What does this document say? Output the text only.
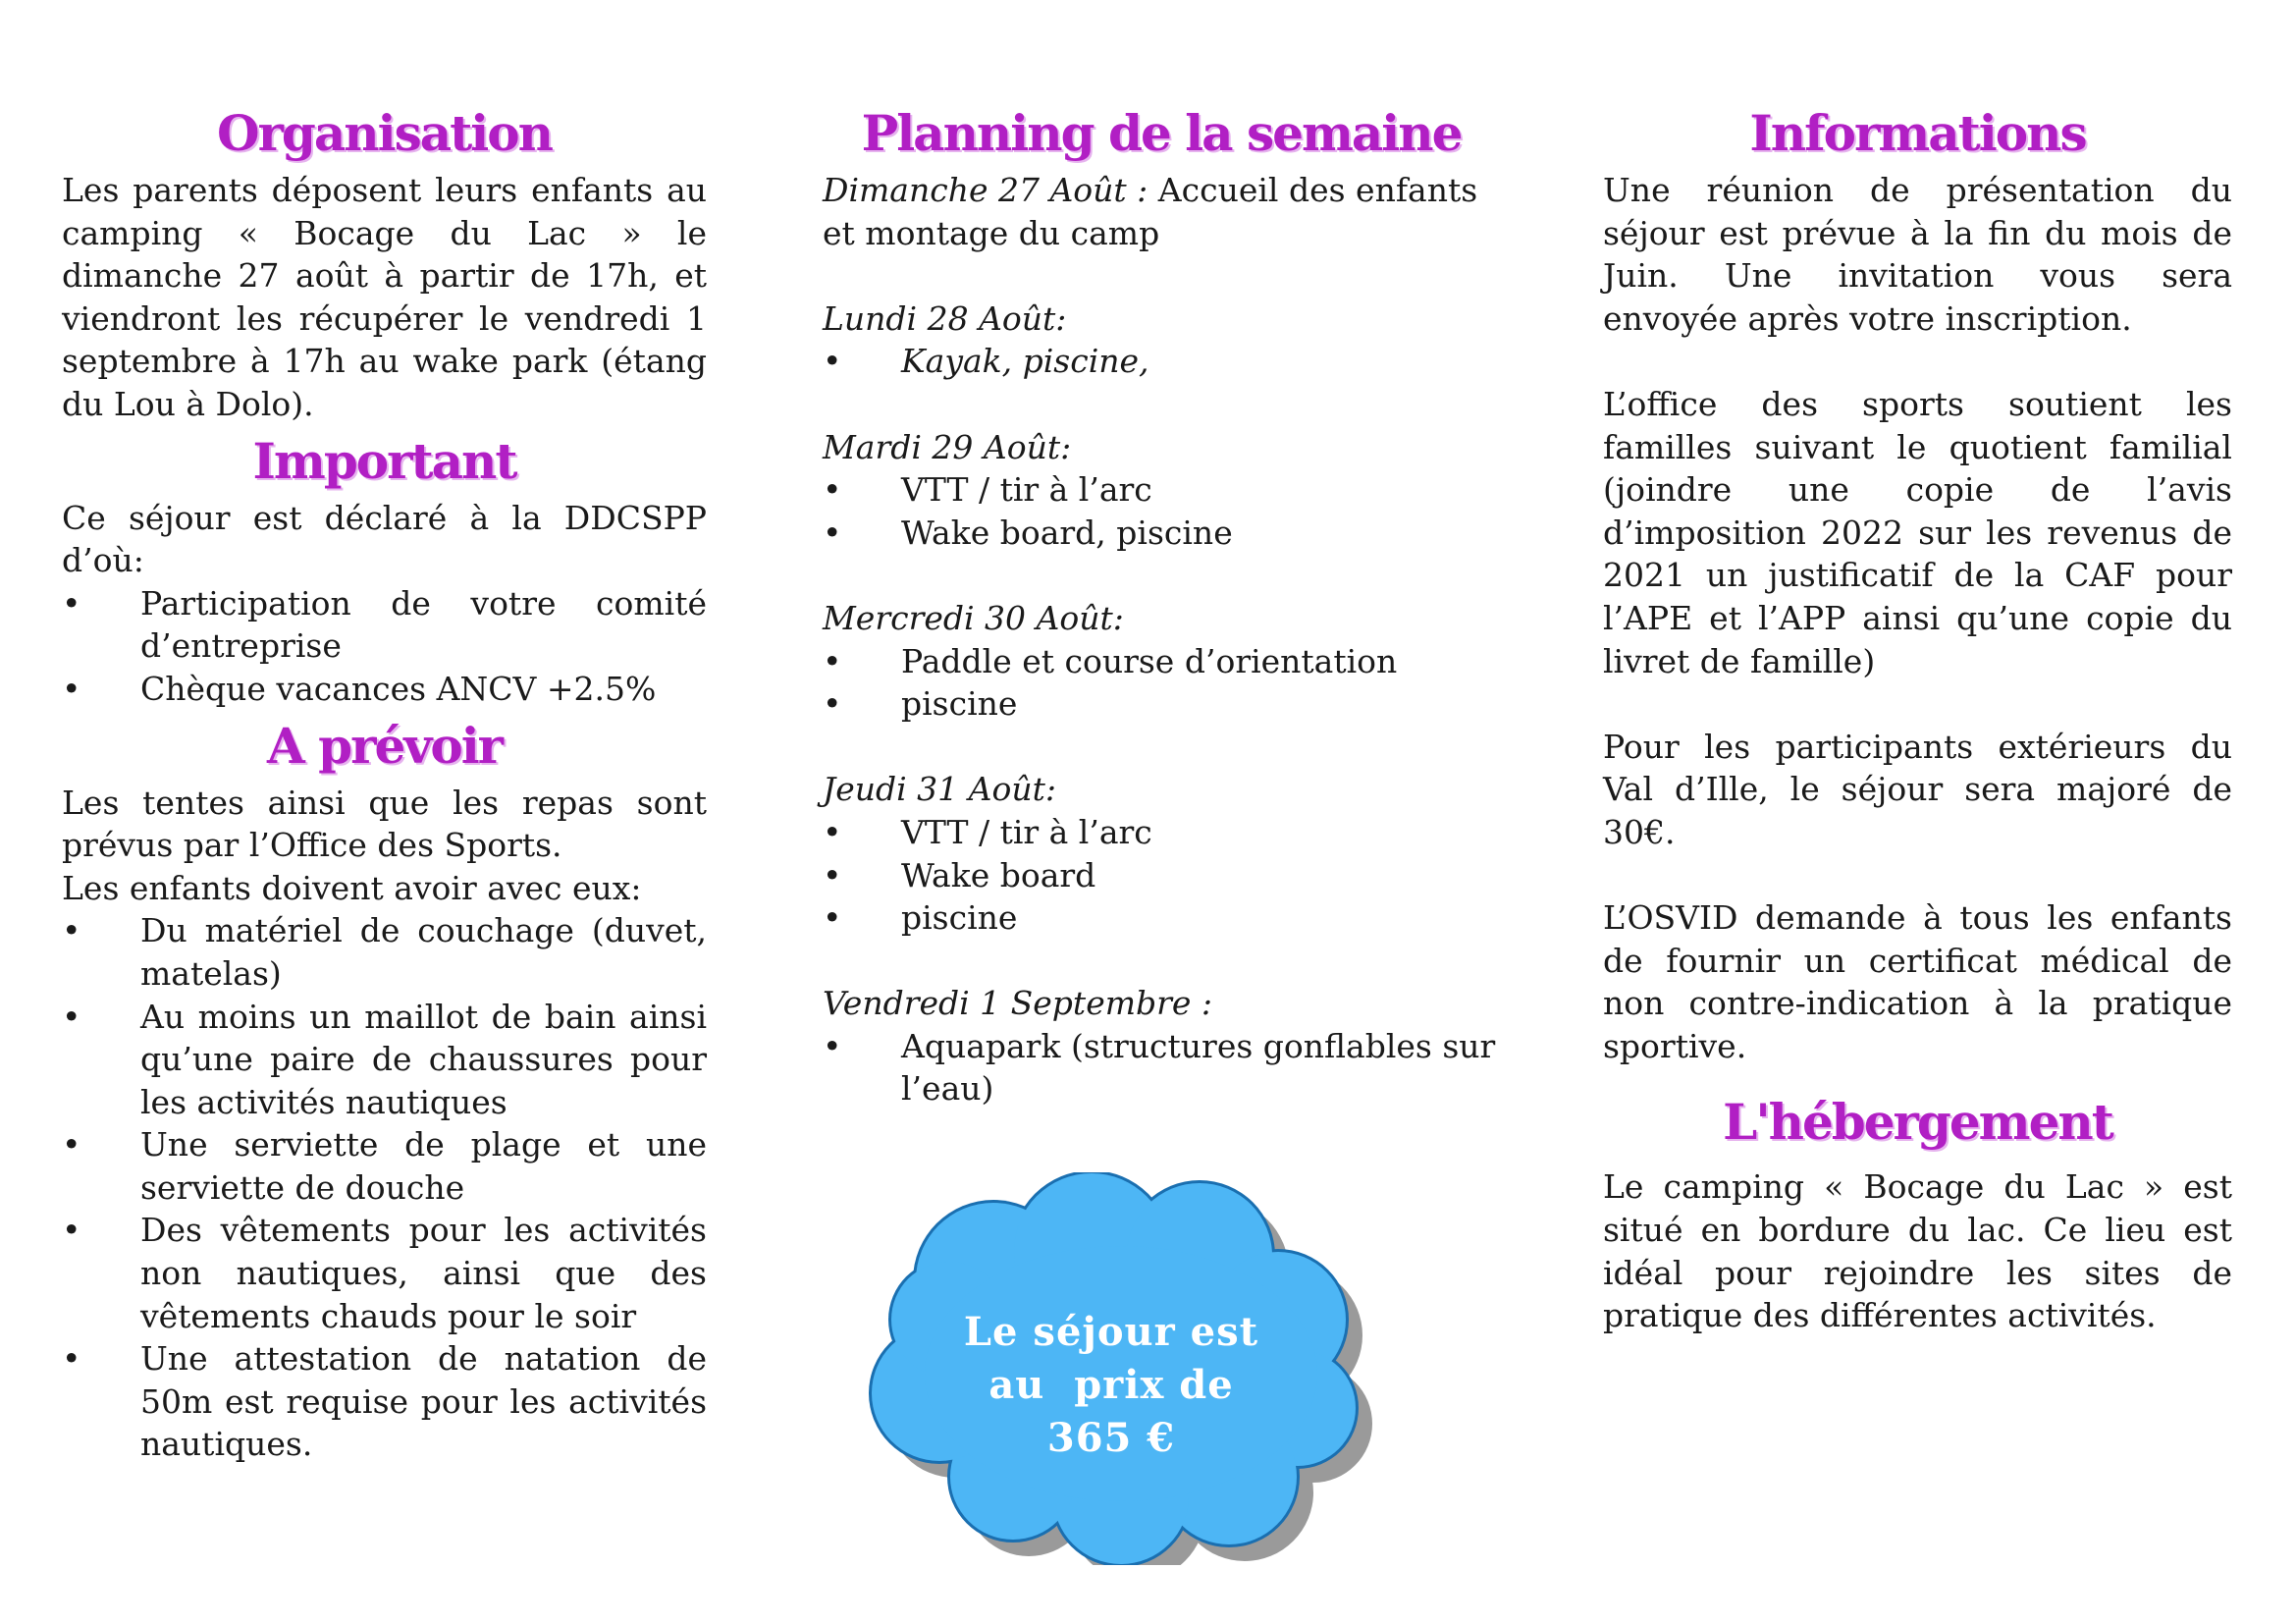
Organisation

Les parents déposent leurs enfants au camping « Bocage du Lac » le dimanche 27 août à partir de 17h, et viendront les récupérer le vendredi 1 septembre à 17h au wake park (étang du Lou à Dolo).

Important

Ce séjour est déclaré à la DDCSPP d’où:

• Participation de votre comité d’entreprise
• Chèque vacances ANCV +2.5%
A prévoir

Les tentes ainsi que les repas sont prévus par l’Office des Sports.

Les enfants doivent avoir avec eux:

• Du matériel de couchage (duvet, matelas)
• Au moins un maillot de bain ainsi qu’une paire de chaussures pour les activités nautiques
• Une serviette de plage et une serviette de douche
• Des vêtements pour les activités non nautiques, ainsi que des vêtements chauds pour le soir
• Une attestation de natation de 50m est requise pour les activités nautiques.
Planning de la semaine

Dimanche 27 Août : Accueil des enfants et montage du camp

Lundi 28 Août:

• Kayak, piscine,

Mardi 29 Août:

• VTT / tir à l’arc
• Wake board, piscine

Mercredi 30 Août:

• Paddle et course d’orientation
• piscine

Jeudi 31 Août:

• VTT / tir à l’arc
• Wake board
• piscine

Vendredi 1 Septembre :

• Aquapark (structures gonflables sur l’eau)
Le séjour est
au  prix de
365 €
Informations

Une réunion de présentation du séjour est prévue à la fin du mois de Juin. Une invitation vous sera envoyée après votre inscription.

L’office des sports soutient les familles suivant le quotient familial (joindre une copie de l’avis d’imposition 2022 sur les revenus de 2021 un justificatif de la CAF pour l’APE et l’APP ainsi qu’une copie du livret de famille)

Pour les participants extérieurs du Val d’Ille, le séjour sera majoré de 30€.

L’OSVID demande à tous les enfants de fournir un certificat médical de non contre-indication à la pratique sportive.

L'hébergement

Le camping « Bocage du Lac » est situé en bordure du lac. Ce lieu est idéal pour rejoindre les sites de pratique des différentes activités.
